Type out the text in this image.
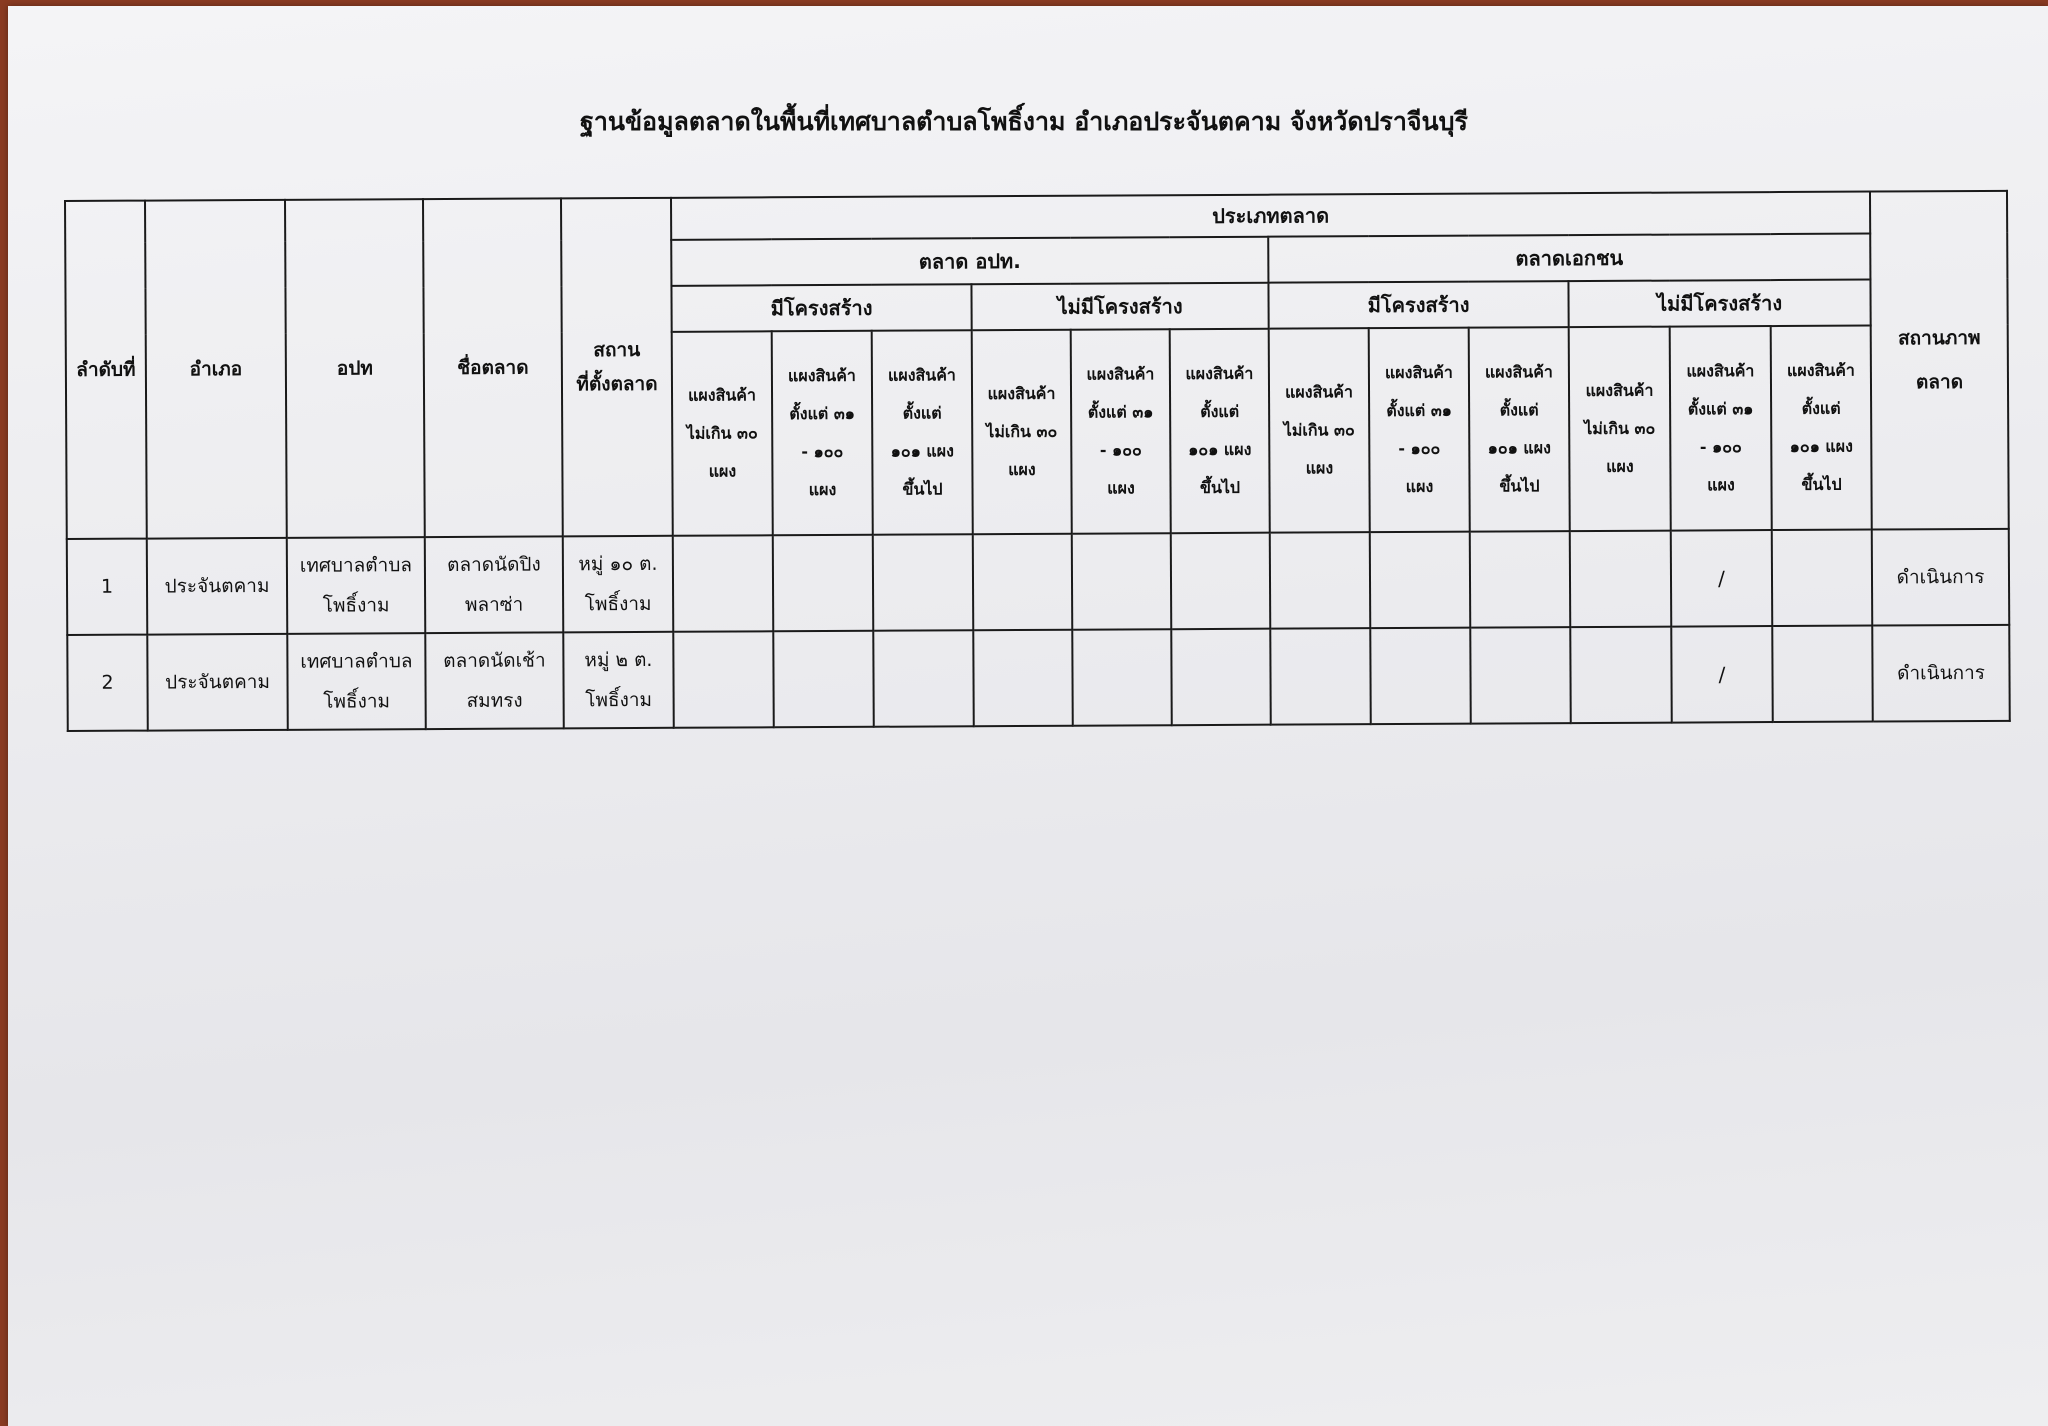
ฐานข้อมูลตลาดในพื้นที่เทศบาลตำบลโพธิ์งาม อำเภอประจันตคาม จังหวัดปราจีนบุรี
ลำดับที่	อำเภอ	อปท	ชื่อตลาด	สถาน
ที่ตั้งตลาด	ประเภทตลาด												สถานภาพ
ตลาด
					ตลาด อปท.						ตลาดเอกชน						
					มีโครงสร้าง			ไม่มีโครงสร้าง			มีโครงสร้าง			ไม่มีโครงสร้าง			
					แผงสินค้า
ไม่เกิน ๓๐
แผง	แผงสินค้า
ตั้งแต่ ๓๑
- ๑๐๐
แผง	แผงสินค้า
ตั้งแต่
๑๐๑ แผง
ขึ้นไป	แผงสินค้า
ไม่เกิน ๓๐
แผง	แผงสินค้า
ตั้งแต่ ๓๑
- ๑๐๐
แผง	แผงสินค้า
ตั้งแต่
๑๐๑ แผง
ขึ้นไป	แผงสินค้า
ไม่เกิน ๓๐
แผง	แผงสินค้า
ตั้งแต่ ๓๑
- ๑๐๐
แผง	แผงสินค้า
ตั้งแต่
๑๐๑ แผง
ขึ้นไป	แผงสินค้า
ไม่เกิน ๓๐
แผง	แผงสินค้า
ตั้งแต่ ๓๑
- ๑๐๐
แผง	แผงสินค้า
ตั้งแต่
๑๐๑ แผง
ขึ้นไป	
1	ประจันตคาม	เทศบาลตำบล
โพธิ์งาม	ตลาดนัดปิง
พลาซ่า	หมู่ ๑๐ ต.
โพธิ์งาม											/		ดำเนินการ
2	ประจันตคาม	เทศบาลตำบล
โพธิ์งาม	ตลาดนัดเช้า
สมทรง	หมู่ ๒ ต.
โพธิ์งาม											/		ดำเนินการ
